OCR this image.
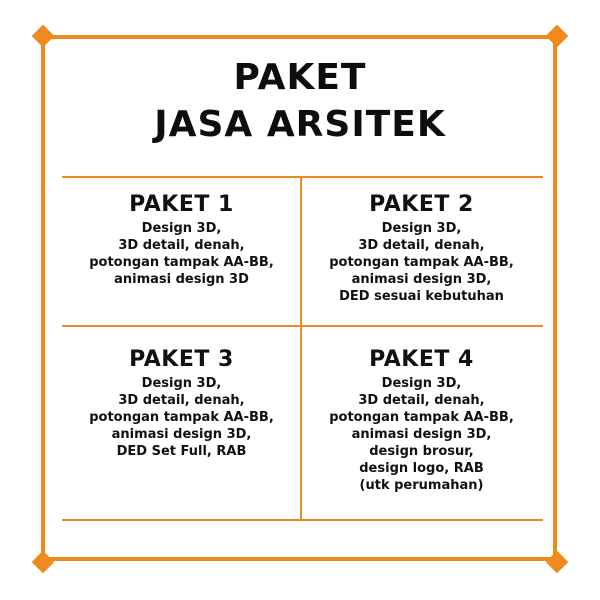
PAKET
JASA ARSITEK
PAKET 1
Design 3D,
3D detail, denah,
potongan tampak AA-BB,
animasi design 3D
PAKET 2
Design 3D,
3D detail, denah,
potongan tampak AA-BB,
animasi design 3D,
DED sesuai kebutuhan
PAKET 3
Design 3D,
3D detail, denah,
potongan tampak AA-BB,
animasi design 3D,
DED Set Full, RAB
PAKET 4
Design 3D,
3D detail, denah,
potongan tampak AA-BB,
animasi design 3D,
design brosur,
design logo, RAB
(utk perumahan)
